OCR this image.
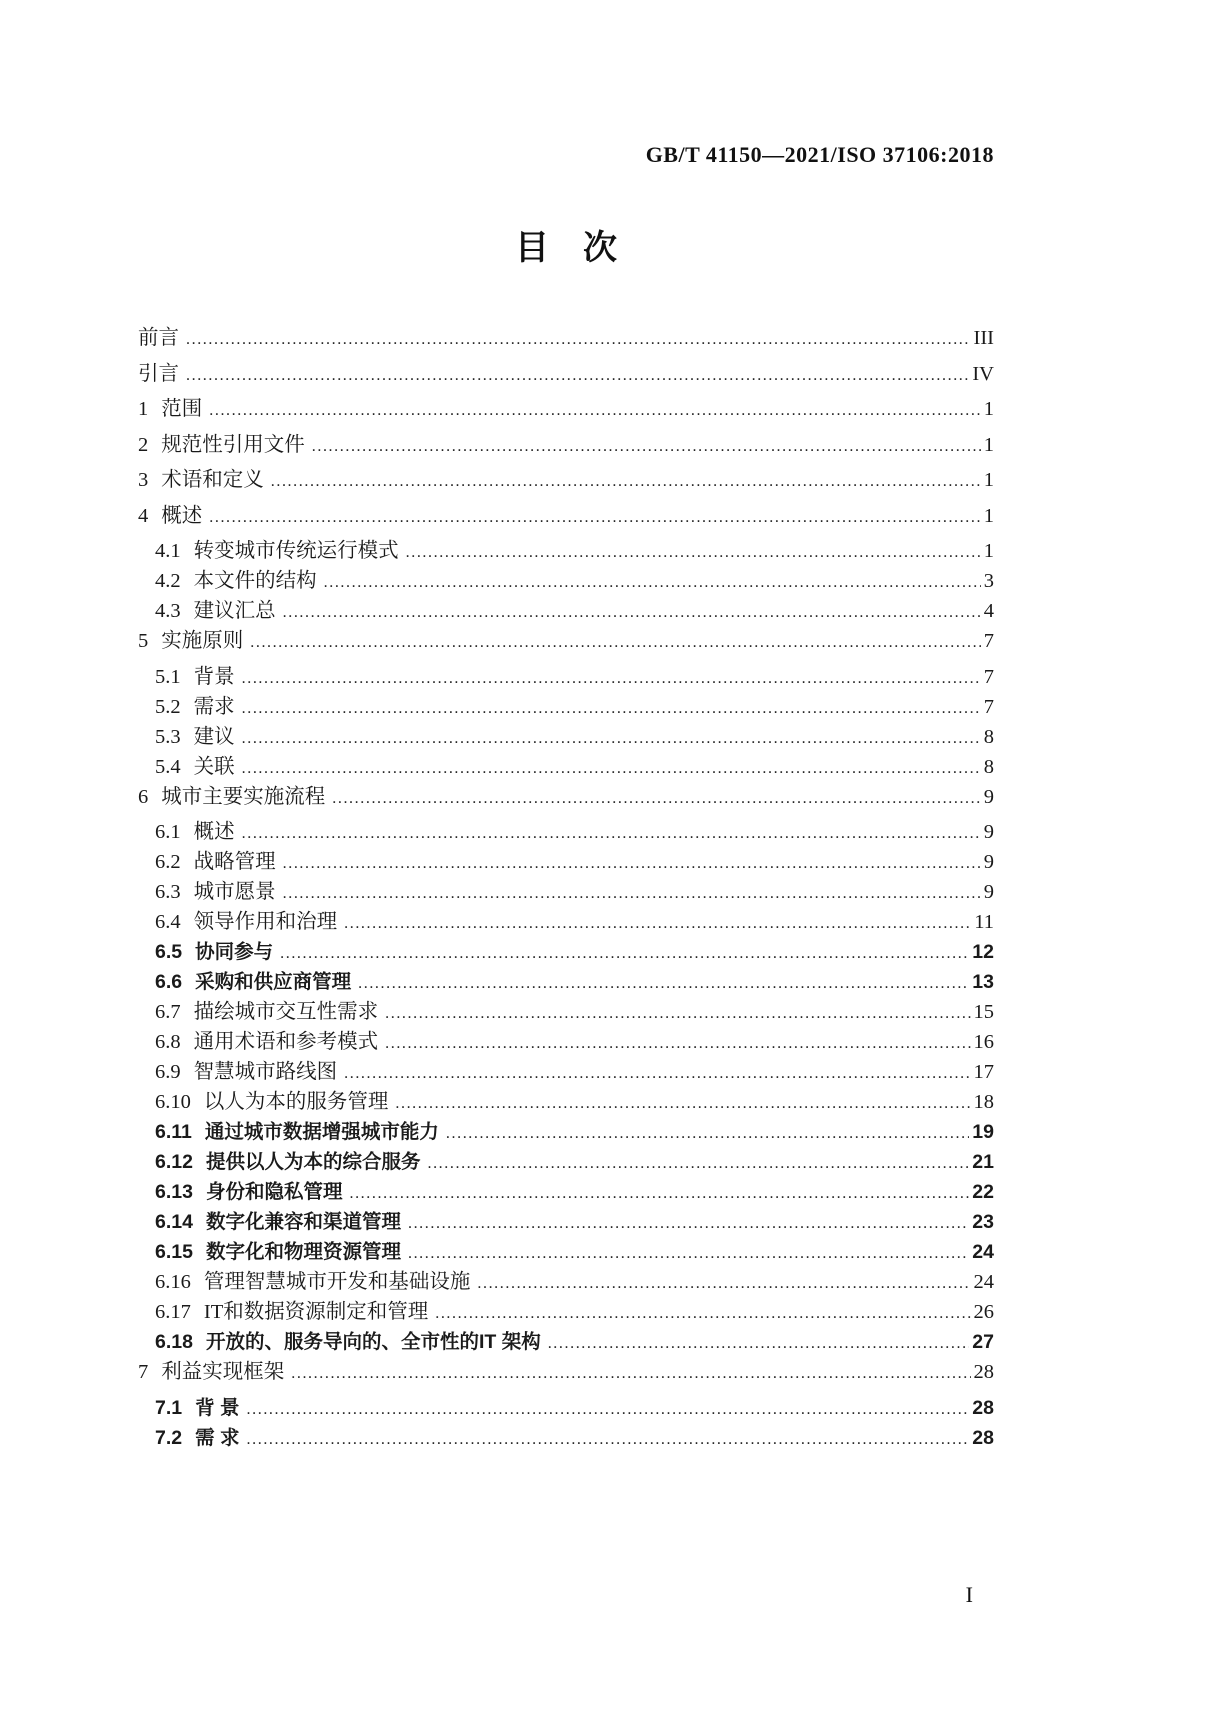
GB/T 41150—2021/ISO 37106:2018
目　次
前言 .....	III
引言 .....	IV
1 范围 .....	1
2 规范性引用文件 .....	1
3 术语和定义 .....	1
4 概述 .....	1
4.1 转变城市传统运行模式 .....	1
4.2 本文件的结构 .....	3
4.3 建议汇总 .....	4
5 实施原则 .....	7
5.1 背景 .....	7
5.2 需求 .....	7
5.3 建议 .....	8
5.4 关联 .....	8
6 城市主要实施流程 .....	9
6.1 概述 .....	9
6.2 战略管理 .....	9
6.3 城市愿景 .....	9
6.4 领导作用和治理 .....	11
6.5 协同参与 .....	12
6.6 采购和供应商管理 .....	13
6.7 描绘城市交互性需求 .....	15
6.8 通用术语和参考模式 .....	16
6.9 智慧城市路线图 .....	17
6.10 以人为本的服务管理 .....	18
6.11 通过城市数据增强城市能力 .....	19
6.12 提供以人为本的综合服务 .....	21
6.13 身份和隐私管理 .....	22
6.14 数字化兼容和渠道管理 .....	23
6.15 数字化和物理资源管理 .....	24
6.16 管理智慧城市开发和基础设施 .....	24
6.17 IT和数据资源制定和管理 .....	26
6.18 开放的、服务导向的、全市性的IT 架构 .....	27
7 利益实现框架 .....	28
7.1 背 景 .....	28
7.2 需 求 .....	28
I
